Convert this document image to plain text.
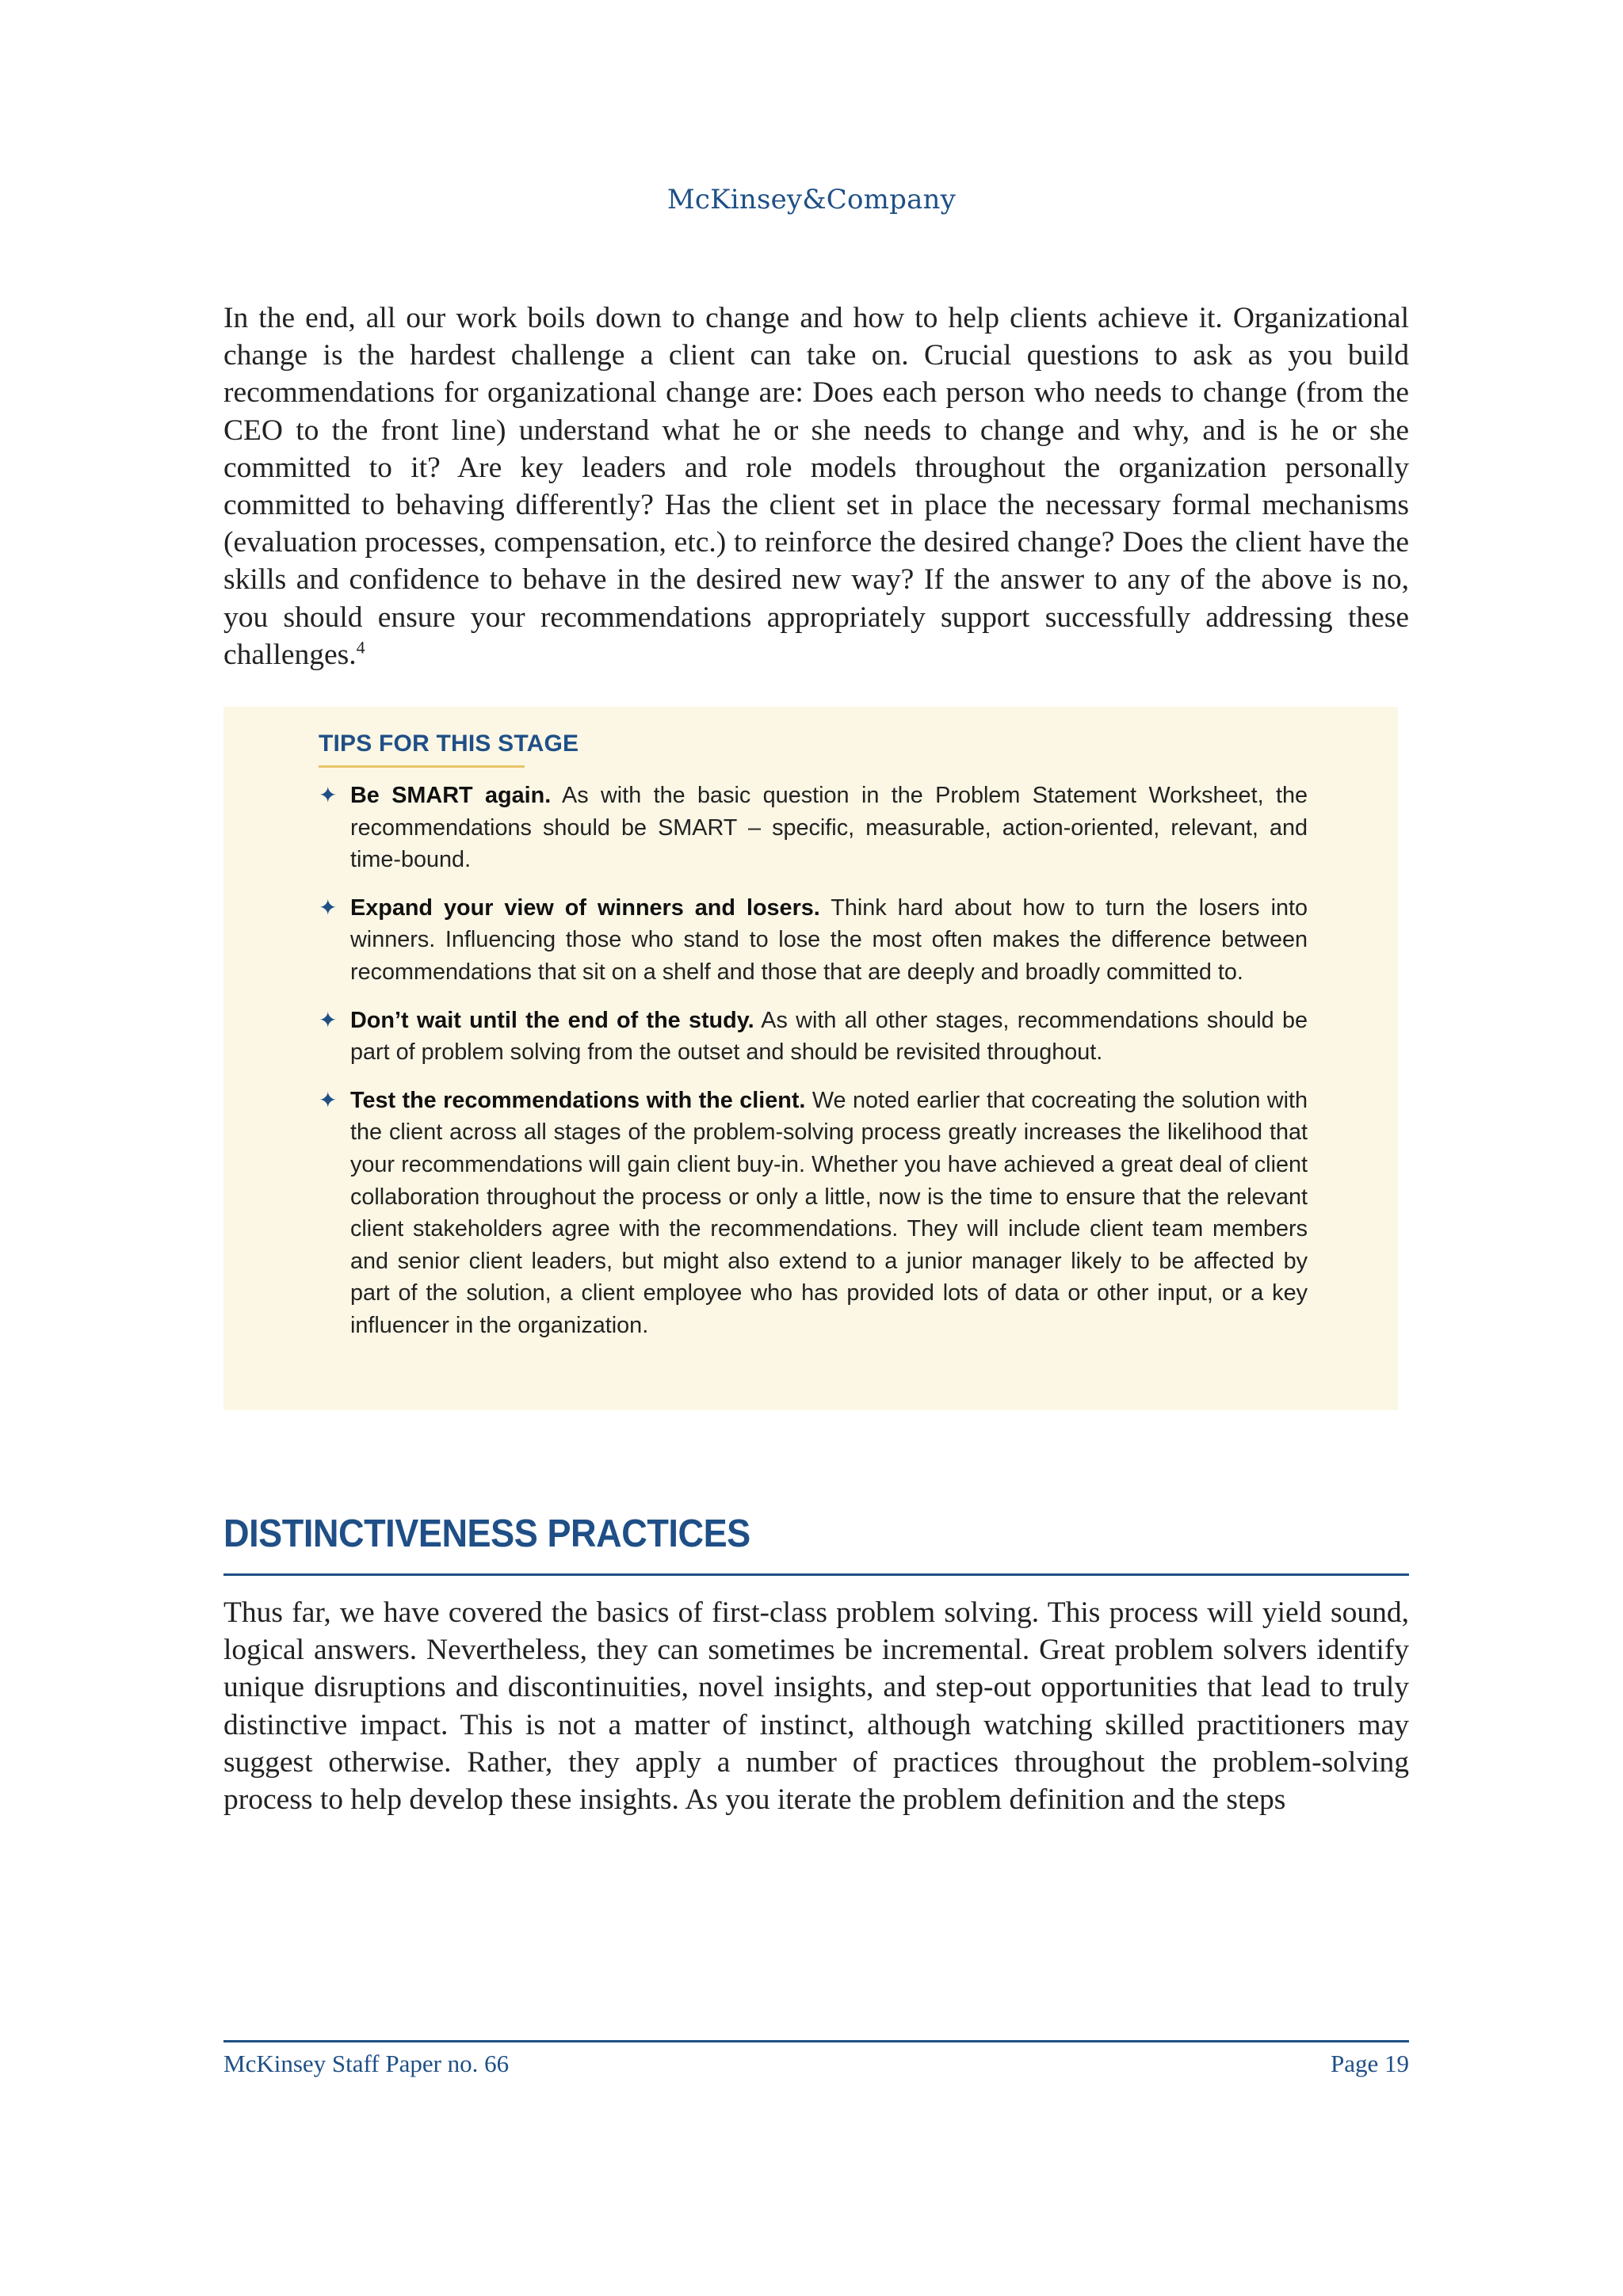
McKinsey&Company

In the end, all our work boils down to change and how to help clients achieve it. Organizational change is the hardest challenge a client can take on. Crucial questions to ask as you build recommendations for organizational change are: Does each person who needs to change (from the CEO to the front line) understand what he or she needs to change and why, and is he or she committed to it? Are key leaders and role models throughout the organization personally committed to behaving differently? Has the client set in place the necessary formal mechanisms (evaluation processes, compensation, etc.) to reinforce the desired change? Does the client have the skills and confidence to behave in the desired new way? If the answer to any of the above is no, you should ensure your recommendations appropriately support successfully addressing these challenges.$^4$

TIPS FOR THIS STAGE
✦ Be SMART again. As with the basic question in the Problem Statement Worksheet, the recommendations should be SMART – specific, measurable, action-oriented, relevant, and time-bound.
✦ Expand your view of winners and losers. Think hard about how to turn the losers into winners. Influencing those who stand to lose the most often makes the difference between recommendations that sit on a shelf and those that are deeply and broadly committed to.
✦ Don’t wait until the end of the study. As with all other stages, recommendations should be part of problem solving from the outset and should be revisited throughout.
✦ Test the recommendations with the client. We noted earlier that cocreating the solution with the client across all stages of the problem-solving process greatly increases the likelihood that your recommendations will gain client buy-in. Whether you have achieved a great deal of client collaboration throughout the process or only a little, now is the time to ensure that the relevant client stakeholders agree with the recommendations. They will include client team members and senior client leaders, but might also extend to a junior manager likely to be affected by part of the solution, a client employee who has provided lots of data or other input, or a key influencer in the organization.
DISTINCTIVENESS PRACTICES

Thus far, we have covered the basics of first-class problem solving. This process will yield sound, logical answers. Nevertheless, they can sometimes be incremental. Great problem solvers identify unique disruptions and discontinuities, novel insights, and step-out opportunities that lead to truly distinctive impact. This is not a matter of instinct, although watching skilled practitioners may suggest otherwise. Rather, they apply a number of practices throughout the problem-solving process to help develop these insights. As you iterate the problem definition and the steps

McKinsey Staff Paper no. 66	Page 19
